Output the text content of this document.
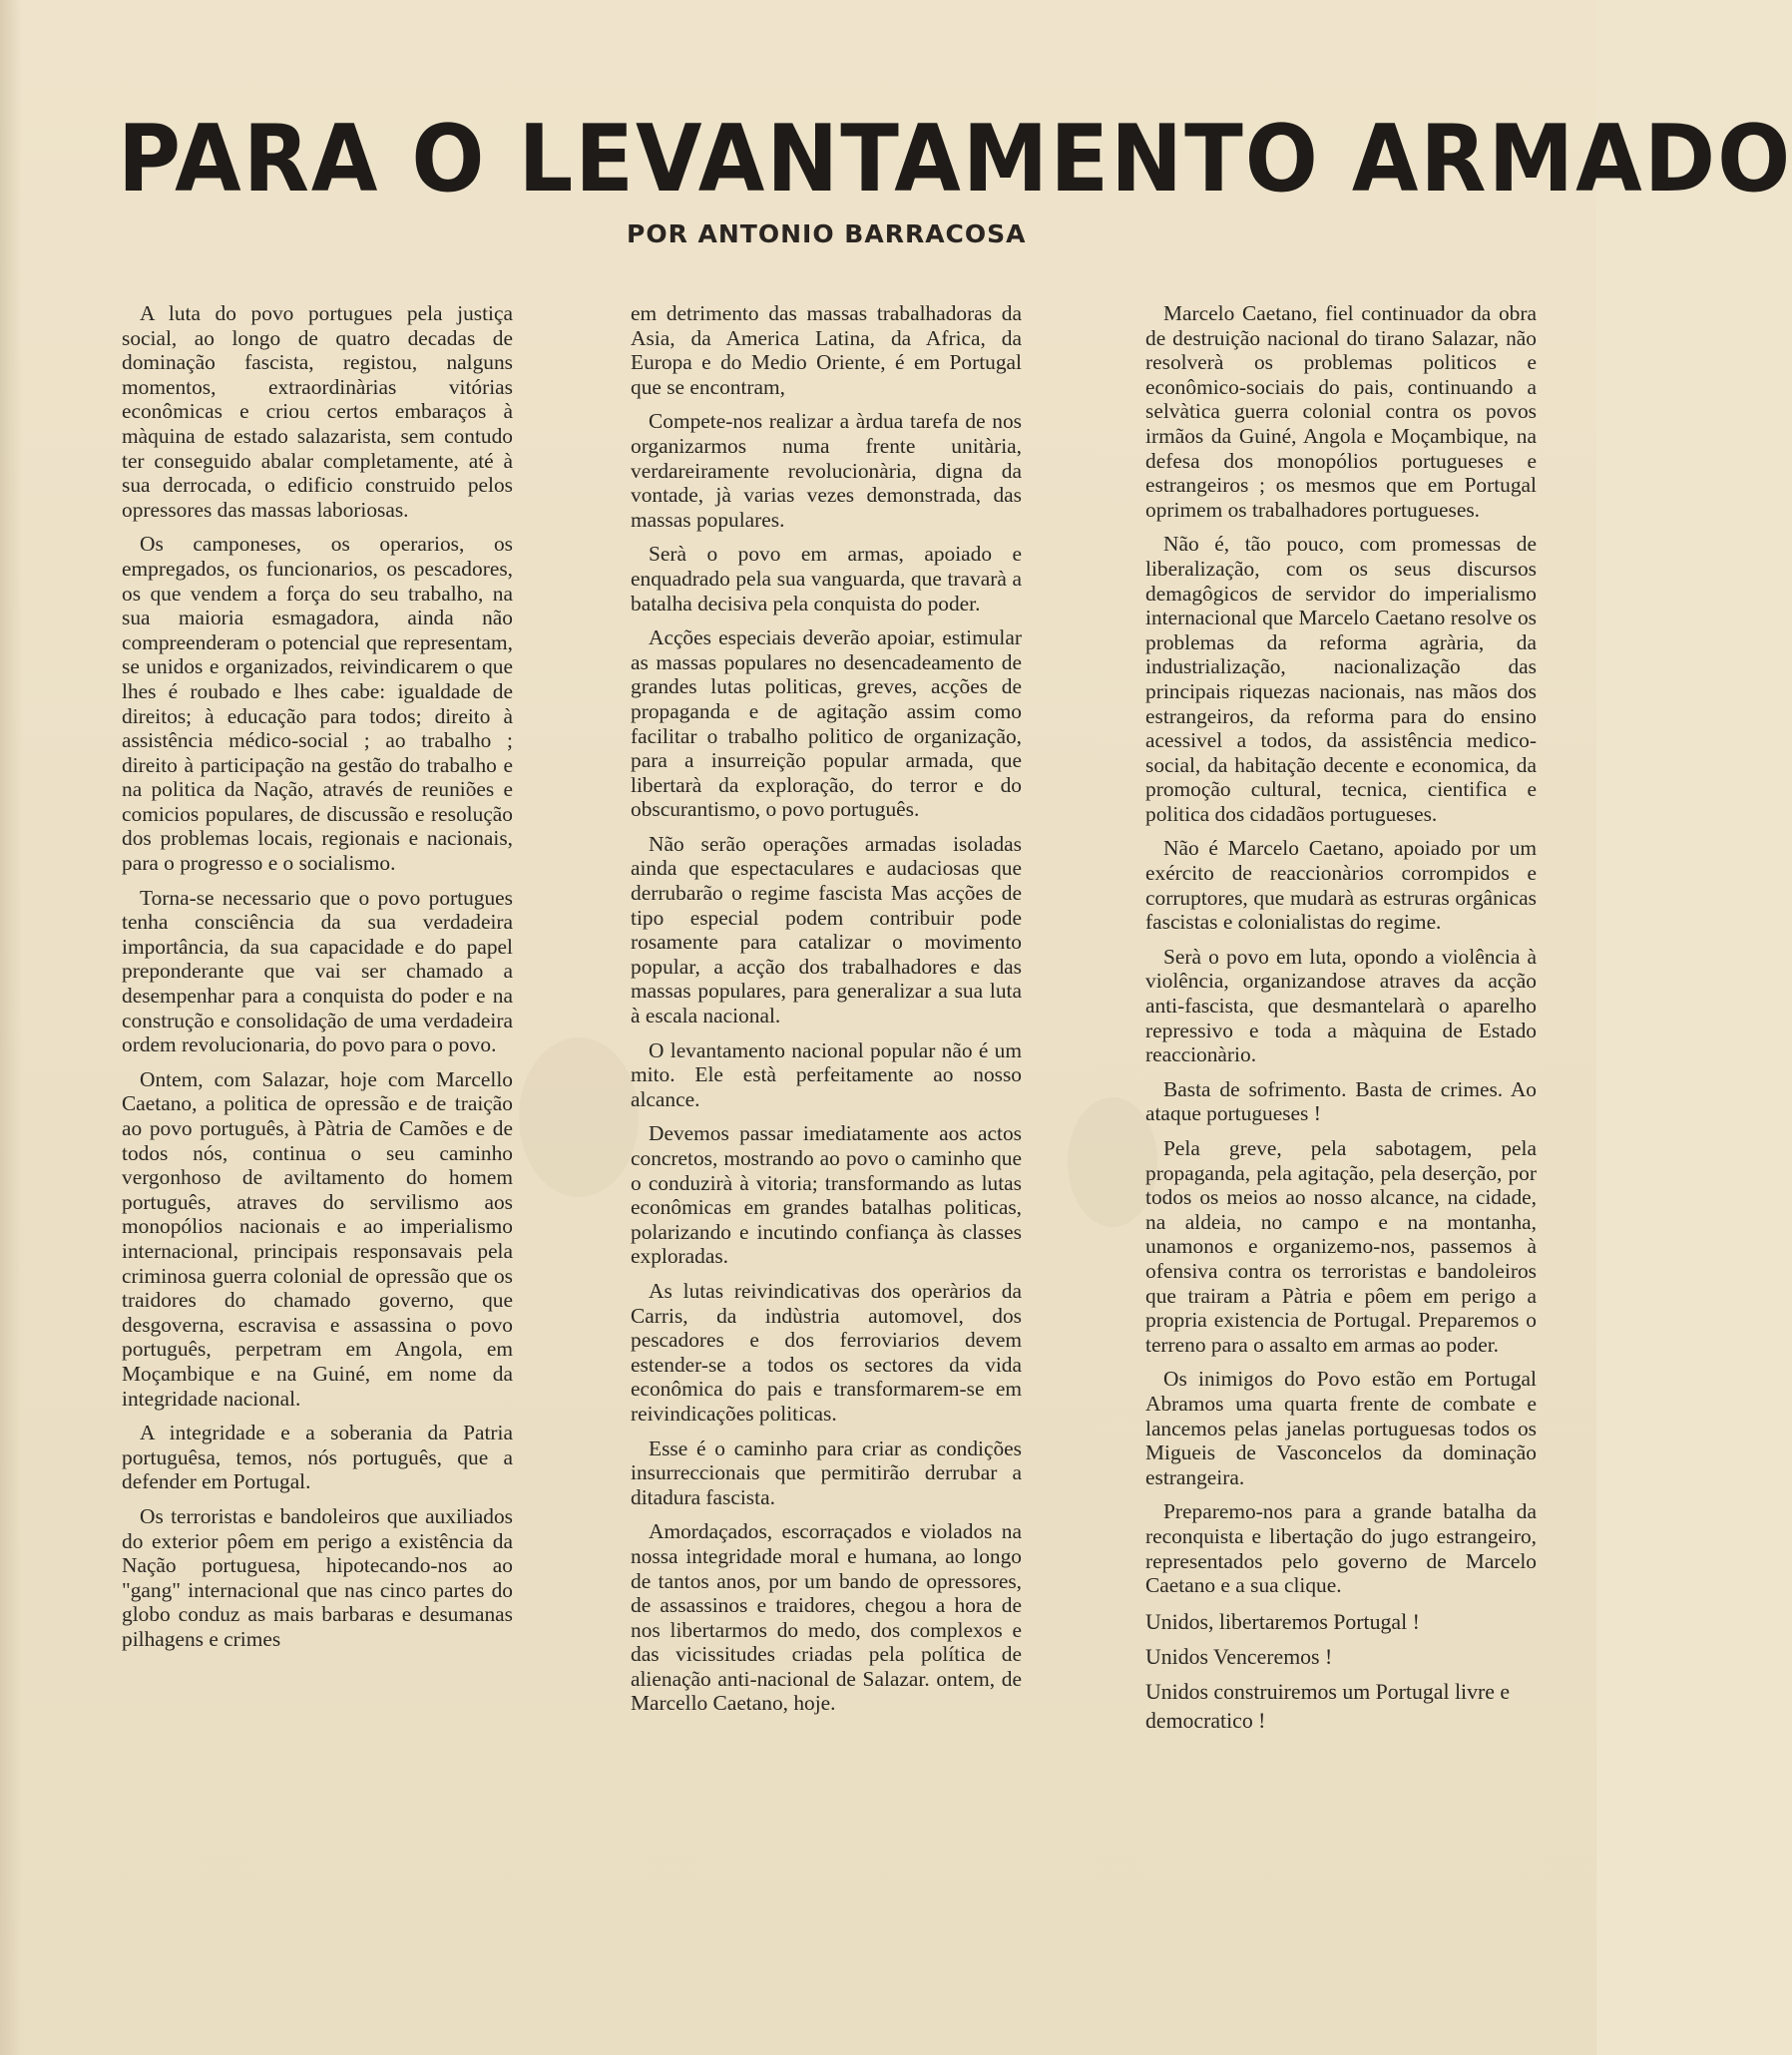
PARA O LEVANTAMENTO ARMADO
POR ANTONIO BARRACOSA

A luta do povo portugues pela justiça social, ao longo de quatro decadas de dominação fascista, registou, nalguns momentos, extraordinàrias vitórias econômicas e criou certos embaraços à màquina de estado salazarista, sem contudo ter conseguido abalar completamente, até à sua derrocada, o edificio construido pelos opressores das massas laboriosas.

Os camponeses, os operarios, os empregados, os funcionarios, os pescadores, os que vendem a força do seu trabalho, na sua maioria esmagadora, ainda não compreenderam o potencial que representam, se unidos e organizados, reivindicarem o que lhes é roubado e lhes cabe: igualdade de direitos; à educação para todos; direito à assistência médico-social ; ao trabalho ; direito à participação na gestão do trabalho e na politica da Nação, através de reuniões e comicios populares, de discussão e resolução dos problemas locais, regionais e nacionais, para o progresso e o socialismo.

Torna-se necessario que o povo portugues tenha consciência da sua verdadeira importância, da sua capacidade e do papel preponderante que vai ser chamado a desempenhar para a conquista do poder e na construção e consolidação de uma verdadeira ordem revolucionaria, do povo para o povo.

Ontem, com Salazar, hoje com Marcello Caetano, a politica de opressão e de traição ao povo português, à Pàtria de Camões e de todos nós, continua o seu caminho vergonhoso de aviltamento do homem português, atraves do servilismo aos monopólios nacionais e ao imperialismo internacional, principais responsavais pela criminosa guerra colonial de opressão que os traidores do chamado governo, que desgoverna, escravisa e assassina o povo português, perpetram em Angola, em Moçambique e na Guiné, em nome da integridade nacional.

A integridade e a soberania da Patria portuguêsa, temos, nós português, que a defender em Portugal.

Os terroristas e bandoleiros que auxiliados do exterior pôem em perigo a existência da Nação portuguesa, hipotecando-nos ao "gang" internacional que nas cinco partes do globo conduz as mais barbaras e desumanas pilhagens e crimes

em detrimento das massas trabalhadoras da Asia, da America Latina, da Africa, da Europa e do Medio Oriente, é em Portugal que se encontram,

Compete-nos realizar a àrdua tarefa de nos organizarmos numa frente unitària, verdareiramente revolucionària, digna da vontade, jà varias vezes demonstrada, das massas populares.

Serà o povo em armas, apoiado e enquadrado pela sua vanguarda, que travarà a batalha decisiva pela conquista do poder.

Acções especiais deverão apoiar, estimular as massas populares no desencadeamento de grandes lutas politicas, greves, acções de propaganda e de agitação assim como facilitar o trabalho politico de organização, para a insurreição popular armada, que libertarà da exploração, do terror e do obscurantismo, o povo português.

Não serão operações armadas isoladas ainda que espectaculares e audaciosas que derrubarão o regime fascista Mas acções de tipo especial podem contribuir pode rosamente para catalizar o movimento popular, a acção dos trabalhadores e das massas populares, para generalizar a sua luta à escala nacional.

O levantamento nacional popular não é um mito. Ele està perfeitamente ao nosso alcance.

Devemos passar imediatamente aos actos concretos, mostrando ao povo o caminho que o conduzirà à vitoria; transformando as lutas econômicas em grandes batalhas politicas, polarizando e incutindo confiança às classes exploradas.

As lutas reivindicativas dos operàrios da Carris, da indùstria automovel, dos pescadores e dos ferroviarios devem estender-se a todos os sectores da vida econômica do pais e transformarem-se em reivindicações politicas.

Esse é o caminho para criar as condições insurreccionais que permitirão derrubar a ditadura fascista.

Amordaçados, escorraçados e violados na nossa integridade moral e humana, ao longo de tantos anos, por um bando de opressores, de assassinos e traidores, chegou a hora de nos libertarmos do medo, dos complexos e das vicissitudes criadas pela política de alienação anti-nacional de Salazar. ontem, de Marcello Caetano, hoje.

Marcelo Caetano, fiel continuador da obra de destruição nacional do tirano Salazar, não resolverà os problemas politicos e econômico-sociais do pais, continuando a selvàtica guerra colonial contra os povos irmãos da Guiné, Angola e Moçambique, na defesa dos monopólios portugueses e estrangeiros ; os mesmos que em Portugal oprimem os trabalhadores portugueses.

Não é, tão pouco, com promessas de liberalização, com os seus discursos demagôgicos de servidor do imperialismo internacional que Marcelo Caetano resolve os problemas da reforma agrària, da industrialização, nacionalização das principais riquezas nacionais, nas mãos dos estrangeiros, da reforma para do ensino acessivel a todos, da assistência medico-social, da habitação decente e economica, da promoção cultural, tecnica, cientifica e politica dos cidadãos portugueses.

Não é Marcelo Caetano, apoiado por um exército de reaccionàrios corrompidos e corruptores, que mudarà as estruras orgânicas fascistas e colonialistas do regime.

Serà o povo em luta, opondo a violência à violência, organizandose atraves da acção anti-fascista, que desmantelarà o aparelho repressivo e toda a màquina de Estado reaccionàrio.

Basta de sofrimento. Basta de crimes. Ao ataque portugueses !

Pela greve, pela sabotagem, pela propaganda, pela agitação, pela deserção, por todos os meios ao nosso alcance, na cidade, na aldeia, no campo e na montanha, unamonos e organizemo-nos, passemos à ofensiva contra os terroristas e bandoleiros que trairam a Pàtria e pôem em perigo a propria existencia de Portugal. Preparemos o terreno para o assalto em armas ao poder.

Os inimigos do Povo estão em Portugal Abramos uma quarta frente de combate e lancemos pelas janelas portuguesas todos os Migueis de Vasconcelos da dominação estrangeira.

Preparemo-nos para a grande batalha da reconquista e libertação do jugo estrangeiro, representados pelo governo de Marcelo Caetano e a sua clique.

Unidos, libertaremos Portugal !

Unidos Venceremos !

Unidos construiremos um Portugal livre e democratico !
